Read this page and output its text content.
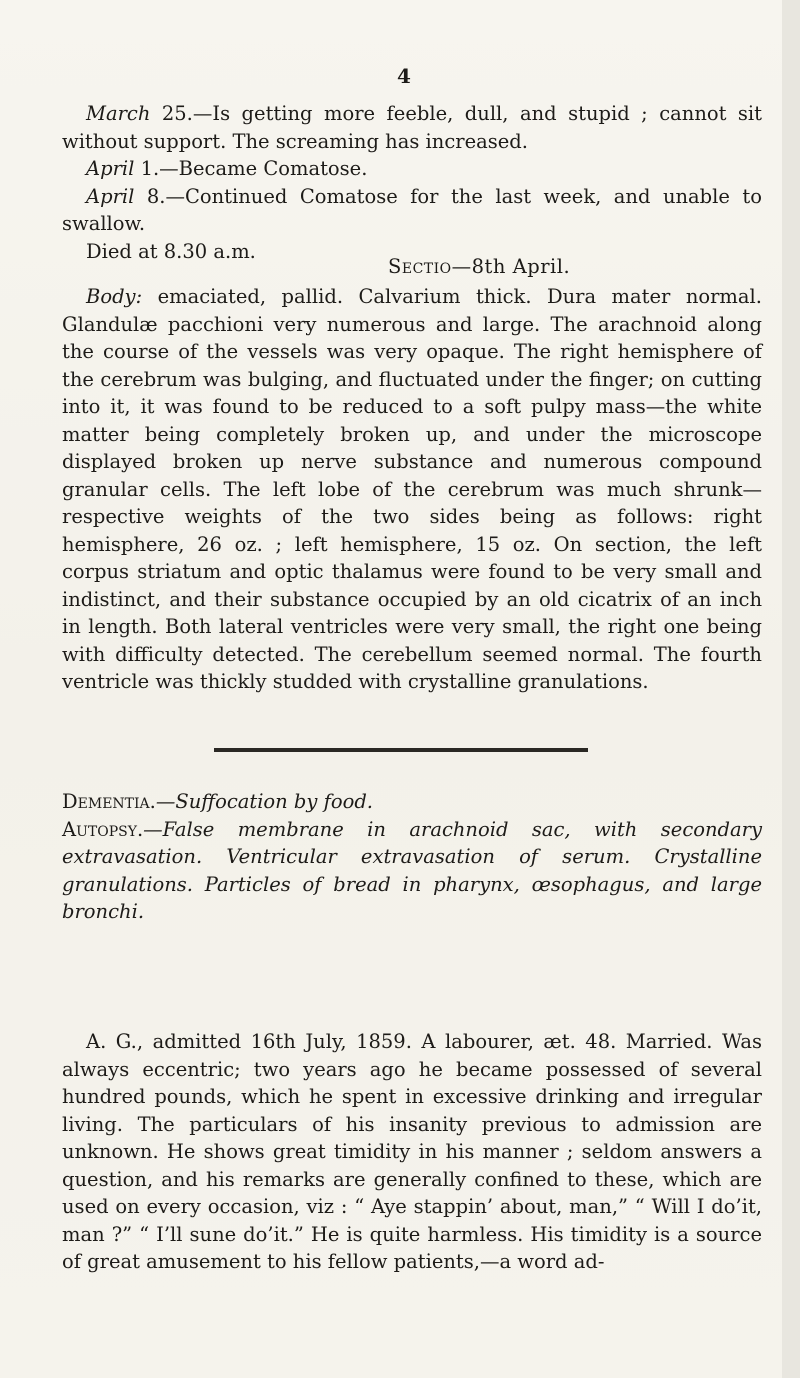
4

March 25.—Is getting more feeble, dull, and stupid ; cannot sit without support. The screaming has increased.

April 1.—Became Comatose.

April 8.—Continued Comatose for the last week, and unable to swallow.

Died at 8.30 a.m.

Sectio—8th April.

Body: emaciated, pallid. Calvarium thick. Dura mater normal. Glandulæ pacchioni very numerous and large. The arachnoid along the course of the vessels was very opaque. The right hemisphere of the cerebrum was bulging, and fluctuated under the finger; on cutting into it, it was found to be reduced to a soft pulpy mass—the white matter being completely broken up, and under the microscope displayed broken up nerve substance and numerous compound granular cells. The left lobe of the cerebrum was much shrunk—respective weights of the two sides being as follows: right hemisphere, 26 oz. ; left hemisphere, 15 oz. On section, the left corpus striatum and optic thalamus were found to be very small and indistinct, and their substance occupied by an old cicatrix of an inch in length. Both lateral ventricles were very small, the right one being with difficulty detected. The cerebellum seemed normal. The fourth ventricle was thickly studded with crystalline granulations.

Dementia.—Suffocation by food.

Autopsy.—False membrane in arachnoid sac, with secondary extravasation. Ventricular extravasation of serum. Crystalline granulations. Particles of bread in pharynx, œsophagus, and large bronchi.

A. G., admitted 16th July, 1859. A labourer, æt. 48. Married. Was always eccentric; two years ago he became possessed of several hundred pounds, which he spent in excessive drinking and irregular living. The particulars of his insanity previous to admission are unknown. He shows great timidity in his manner ; seldom answers a question, and his remarks are generally confined to these, which are used on every occasion, viz : “ Aye stappin’ about, man,” “ Will I do’it, man ?” “ I’ll sune do’it.” He is quite harmless. His timidity is a source of great amusement to his fellow patients,—a word ad-
